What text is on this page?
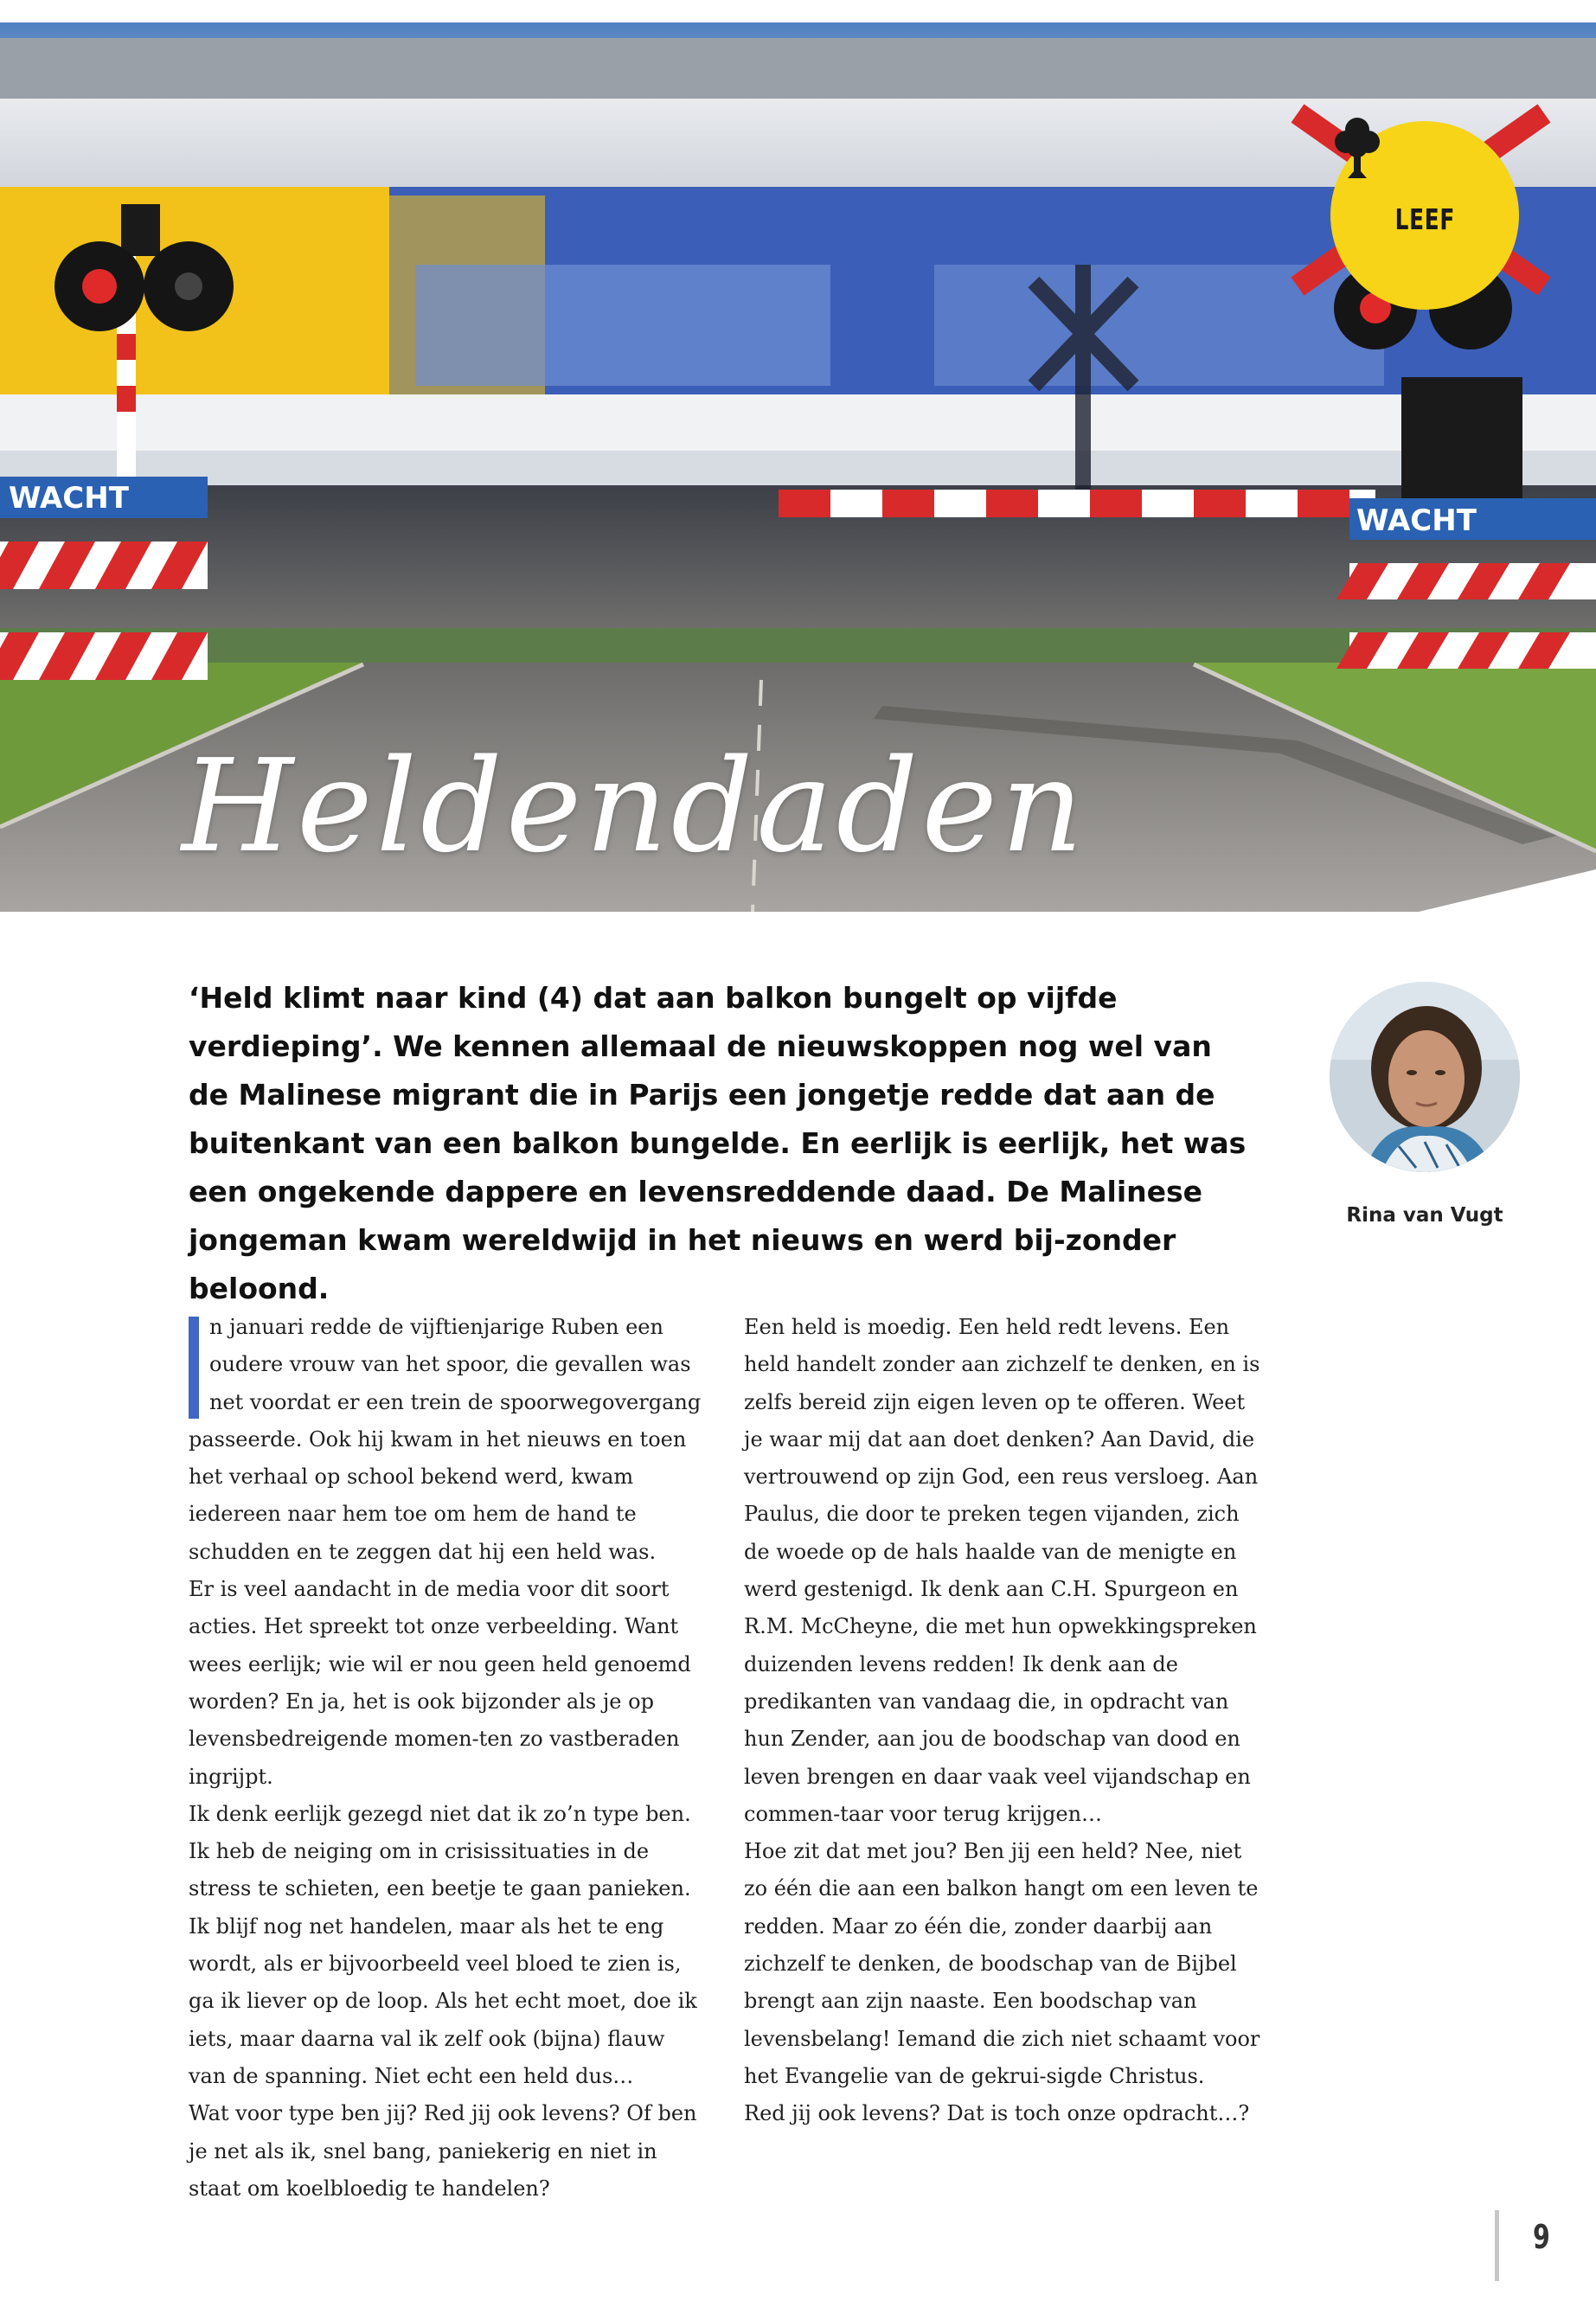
WACHT
WACHT
Heldendaden
LEEF

‘Held klimt naar kind (4) dat aan balkon bungelt op vijfde verdieping’. We kennen allemaal de nieuwskoppen nog wel van de Malinese migrant die in Parijs een jongetje redde dat aan de buitenkant van een balkon bungelde. En eerlijk is eerlijk, het was een ongekende dappere en levensreddende daad. De Malinese jongeman kwam wereldwijd in het nieuws en werd bij-zonder beloond.

Rina van Vugt

n januari redde de vijftienjarige Ruben een oudere vrouw van het spoor, die gevallen was net voordat er een trein de spoorwegovergang passeerde. Ook hij kwam in het nieuws en toen het verhaal op school bekend werd, kwam iedereen naar hem toe om hem de hand te schudden en te zeggen dat hij een held was.

Er is veel aandacht in de media voor dit soort acties. Het spreekt tot onze verbeelding. Want wees eerlijk; wie wil er nou geen held genoemd worden? En ja, het is ook bijzonder als je op levensbedreigende momen-ten zo vastberaden ingrijpt.

Ik denk eerlijk gezegd niet dat ik zo’n type ben. Ik heb de neiging om in crisissituaties in de stress te schieten, een beetje te gaan panieken. Ik blijf nog net handelen, maar als het te eng wordt, als er bijvoorbeeld veel bloed te zien is, ga ik liever op de loop. Als het echt moet, doe ik iets, maar daarna val ik zelf ook (bijna) flauw van de spanning. Niet echt een held dus…

Wat voor type ben jij? Red jij ook levens? Of ben je net als ik, snel bang, paniekerig en niet in staat om koelbloedig te handelen?

Een held is moedig. Een held redt levens. Een held handelt zonder aan zichzelf te denken, en is zelfs bereid zijn eigen leven op te offeren. Weet je waar mij dat aan doet denken? Aan David, die vertrouwend op zijn God, een reus versloeg. Aan Paulus, die door te preken tegen vijanden, zich de woede op de hals haalde van de menigte en werd gestenigd. Ik denk aan C.H. Spurgeon en R.M. McCheyne, die met hun opwekkingspreken duizenden levens redden! Ik denk aan de predikanten van vandaag die, in opdracht van hun Zender, aan jou de boodschap van dood en leven brengen en daar vaak veel vijandschap en commen-taar voor terug krijgen…

Hoe zit dat met jou? Ben jij een held? Nee, niet zo één die aan een balkon hangt om een leven te redden. Maar zo één die, zonder daarbij aan zichzelf te denken, de boodschap van de Bijbel brengt aan zijn naaste. Een boodschap van levensbelang! Iemand die zich niet schaamt voor het Evangelie van de gekrui-sigde Christus.

Red jij ook levens? Dat is toch onze opdracht…?

9
